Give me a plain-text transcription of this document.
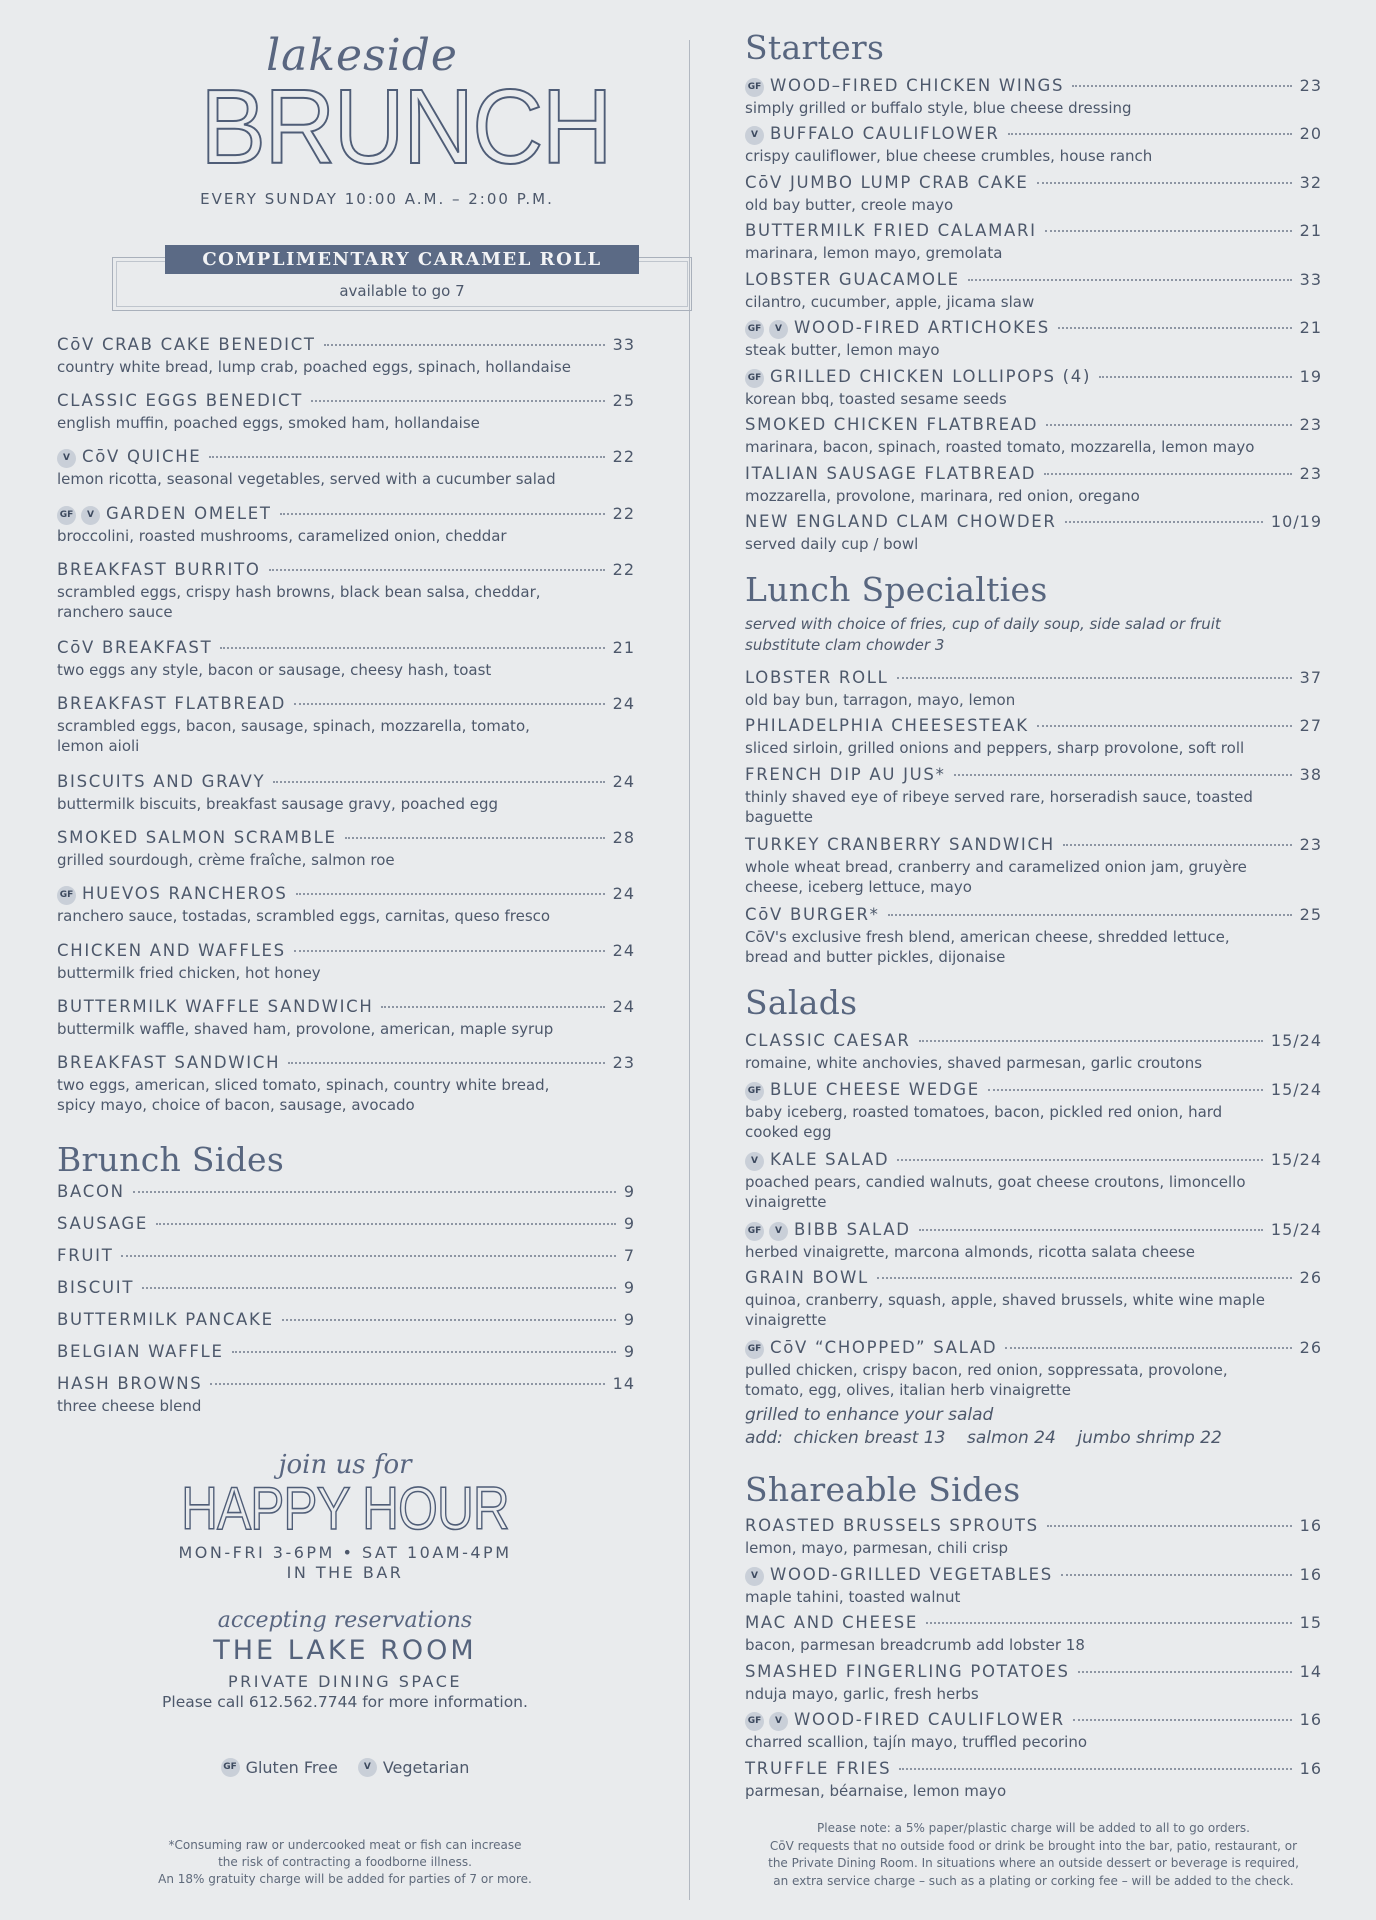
lakeside
BRUNCH
EVERY SUNDAY 10:00 A.M. – 2:00 P.M.
COMPLIMENTARY CARAMEL ROLL
available to go 7
CōV CRAB CAKE BENEDICT	33
country white bread, lump crab, poached eggs, spinach, hollandaise
CLASSIC EGGS BENEDICT	25
english muffin, poached eggs, smoked ham, hollandaise
V CōV QUICHE	22
lemon ricotta, seasonal vegetables, served with a cucumber salad
GF	V GARDEN OMELET	22
broccolini, roasted mushrooms, caramelized onion, cheddar
BREAKFAST BURRITO	22
scrambled eggs, crispy hash browns, black bean salsa, cheddar, ranchero sauce
CōV BREAKFAST	21
two eggs any style, bacon or sausage, cheesy hash, toast
BREAKFAST FLATBREAD	24
scrambled eggs, bacon, sausage, spinach, mozzarella, tomato, lemon aioli
BISCUITS AND GRAVY	24
buttermilk biscuits, breakfast sausage gravy, poached egg
SMOKED SALMON SCRAMBLE	28
grilled sourdough, crème fraîche, salmon roe
GF HUEVOS RANCHEROS	24
ranchero sauce, tostadas, scrambled eggs, carnitas, queso fresco
CHICKEN AND WAFFLES	24
buttermilk fried chicken, hot honey
BUTTERMILK WAFFLE SANDWICH	24
buttermilk waffle, shaved ham, provolone, american, maple syrup
BREAKFAST SANDWICH	23
two eggs, american, sliced tomato, spinach, country white bread, spicy mayo, choice of bacon, sausage, avocado
Brunch Sides
BACON	9
SAUSAGE	9
FRUIT	7
BISCUIT	9
BUTTERMILK PANCAKE	9
BELGIAN WAFFLE	9
HASH BROWNS	14
three cheese blend
join us for
HAPPY HOUR
MON-FRI 3-6PM • SAT 10AM-4PM
IN THE BAR
accepting reservations
THE LAKE ROOM
PRIVATE DINING SPACE
Please call 612.562.7744 for more information.
GF Gluten Free	V Vegetarian
*Consuming raw or undercooked meat or fish can increase
the risk of contracting a foodborne illness.
An 18% gratuity charge will be added for parties of 7 or more.
Starters
GF WOOD–FIRED CHICKEN WINGS	23
simply grilled or buffalo style, blue cheese dressing
V BUFFALO CAULIFLOWER	20
crispy cauliflower, blue cheese crumbles, house ranch
CōV JUMBO LUMP CRAB CAKE	32
old bay butter, creole mayo
BUTTERMILK FRIED CALAMARI	21
marinara, lemon mayo, gremolata
LOBSTER GUACAMOLE	33
cilantro, cucumber, apple, jicama slaw
GF	V WOOD-FIRED ARTICHOKES	21
steak butter, lemon mayo
GF GRILLED CHICKEN LOLLIPOPS (4)	19
korean bbq, toasted sesame seeds
SMOKED CHICKEN FLATBREAD	23
marinara, bacon, spinach, roasted tomato, mozzarella, lemon mayo
ITALIAN SAUSAGE FLATBREAD	23
mozzarella, provolone, marinara, red onion, oregano
NEW ENGLAND CLAM CHOWDER	10/19
served daily cup / bowl
Lunch Specialties
served with choice of fries, cup of daily soup, side salad or fruit substitute clam chowder 3
LOBSTER ROLL	37
old bay bun, tarragon, mayo, lemon
PHILADELPHIA CHEESESTEAK	27
sliced sirloin, grilled onions and peppers, sharp provolone, soft roll
FRENCH DIP AU JUS*	38
thinly shaved eye of ribeye served rare, horseradish sauce, toasted baguette
TURKEY CRANBERRY SANDWICH	23
whole wheat bread, cranberry and caramelized onion jam, gruyère cheese, iceberg lettuce, mayo
CōV BURGER*	25
CōV's exclusive fresh blend, american cheese, shredded lettuce, bread and butter pickles, dijonaise
Salads
CLASSIC CAESAR	15/24
romaine, white anchovies, shaved parmesan, garlic croutons
GF BLUE CHEESE WEDGE	15/24
baby iceberg, roasted tomatoes, bacon, pickled red onion, hard cooked egg
V KALE SALAD	15/24
poached pears, candied walnuts, goat cheese croutons, limoncello vinaigrette
GF	V BIBB SALAD	15/24
herbed vinaigrette, marcona almonds, ricotta salata cheese
GRAIN BOWL	26
quinoa, cranberry, squash, apple, shaved brussels, white wine maple vinaigrette
GF CōV “CHOPPED” SALAD	26
pulled chicken, crispy bacon, red onion, soppressata, provolone, tomato, egg, olives, italian herb vinaigrette
grilled to enhance your salad
add:  chicken breast 13    salmon 24    jumbo shrimp 22
Shareable Sides
ROASTED BRUSSELS SPROUTS	16
lemon, mayo, parmesan, chili crisp
V WOOD-GRILLED VEGETABLES	16
maple tahini, toasted walnut
MAC AND CHEESE	15
bacon, parmesan breadcrumb add lobster 18
SMASHED FINGERLING POTATOES	14
nduja mayo, garlic, fresh herbs
GF	V WOOD-FIRED CAULIFLOWER	16
charred scallion, tajín mayo, truffled pecorino
TRUFFLE FRIES	16
parmesan, béarnaise, lemon mayo
Please note: a 5% paper/plastic charge will be added to all to go orders.
CōV requests that no outside food or drink be brought into the bar, patio, restaurant, or
the Private Dining Room. In situations where an outside dessert or beverage is required,
an extra service charge – such as a plating or corking fee – will be added to the check.
